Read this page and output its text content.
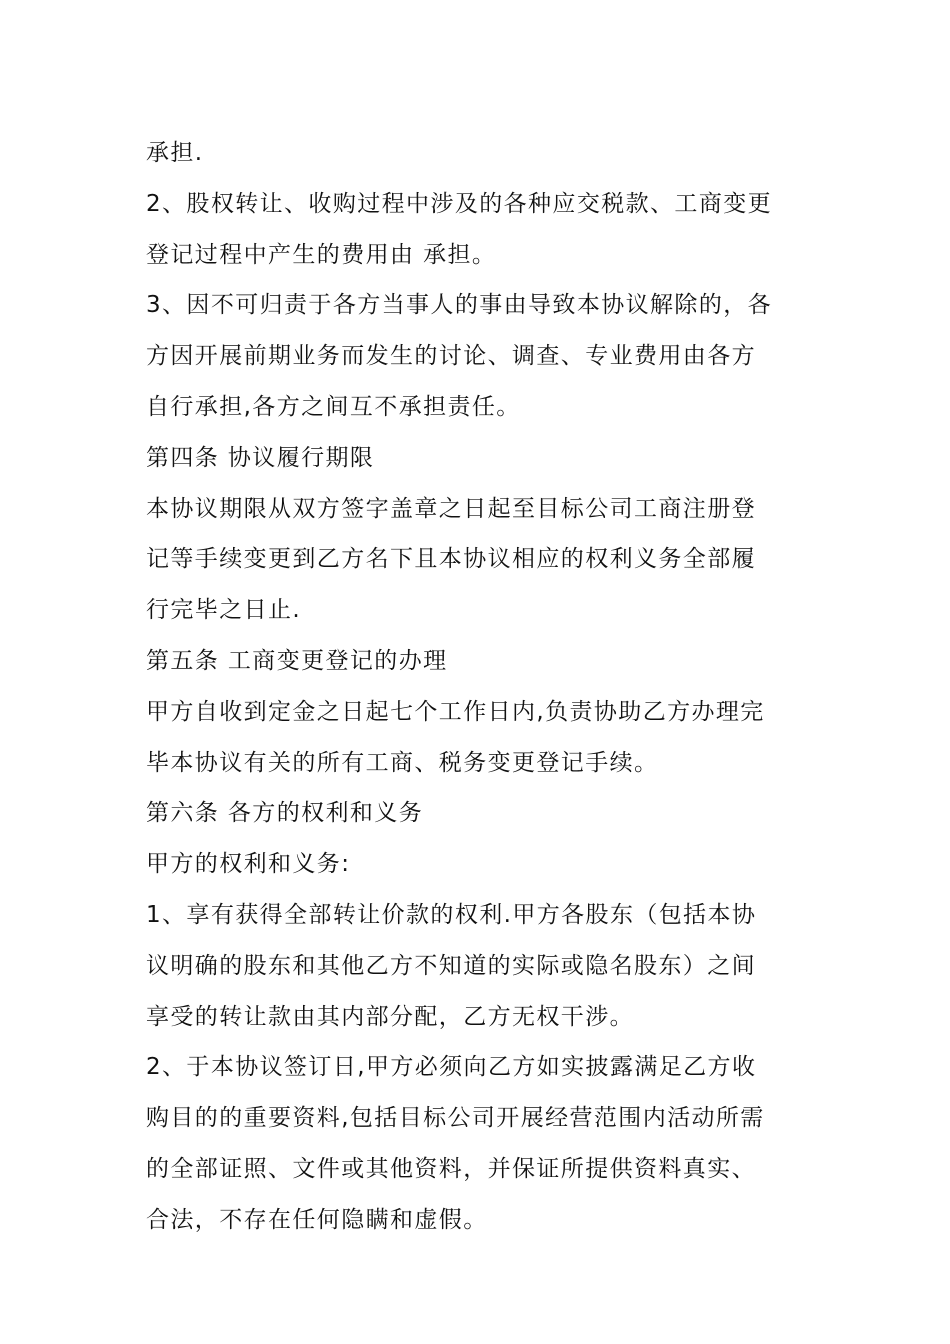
承担.
2、股权转让、收购过程中涉及的各种应交税款、工商变更
登记过程中产生的费用由 承担。
3、因不可归责于各方当事人的事由导致本协议解除的，各
方因开展前期业务而发生的讨论、调查、专业费用由各方
自行承担,各方之间互不承担责任。
第四条 协议履行期限
本协议期限从双方签字盖章之日起至目标公司工商注册登
记等手续变更到乙方名下且本协议相应的权利义务全部履
行完毕之日止.
第五条 工商变更登记的办理
甲方自收到定金之日起七个工作日内,负责协助乙方办理完
毕本协议有关的所有工商、税务变更登记手续。
第六条 各方的权利和义务
甲方的权利和义务:
1、享有获得全部转让价款的权利.甲方各股东（包括本协
议明确的股东和其他乙方不知道的实际或隐名股东）之间
享受的转让款由其内部分配，乙方无权干涉。
2、于本协议签订日,甲方必须向乙方如实披露满足乙方收
购目的的重要资料,包括目标公司开展经营范围内活动所需
的全部证照、文件或其他资料，并保证所提供资料真实、
合法，不存在任何隐瞒和虚假。
